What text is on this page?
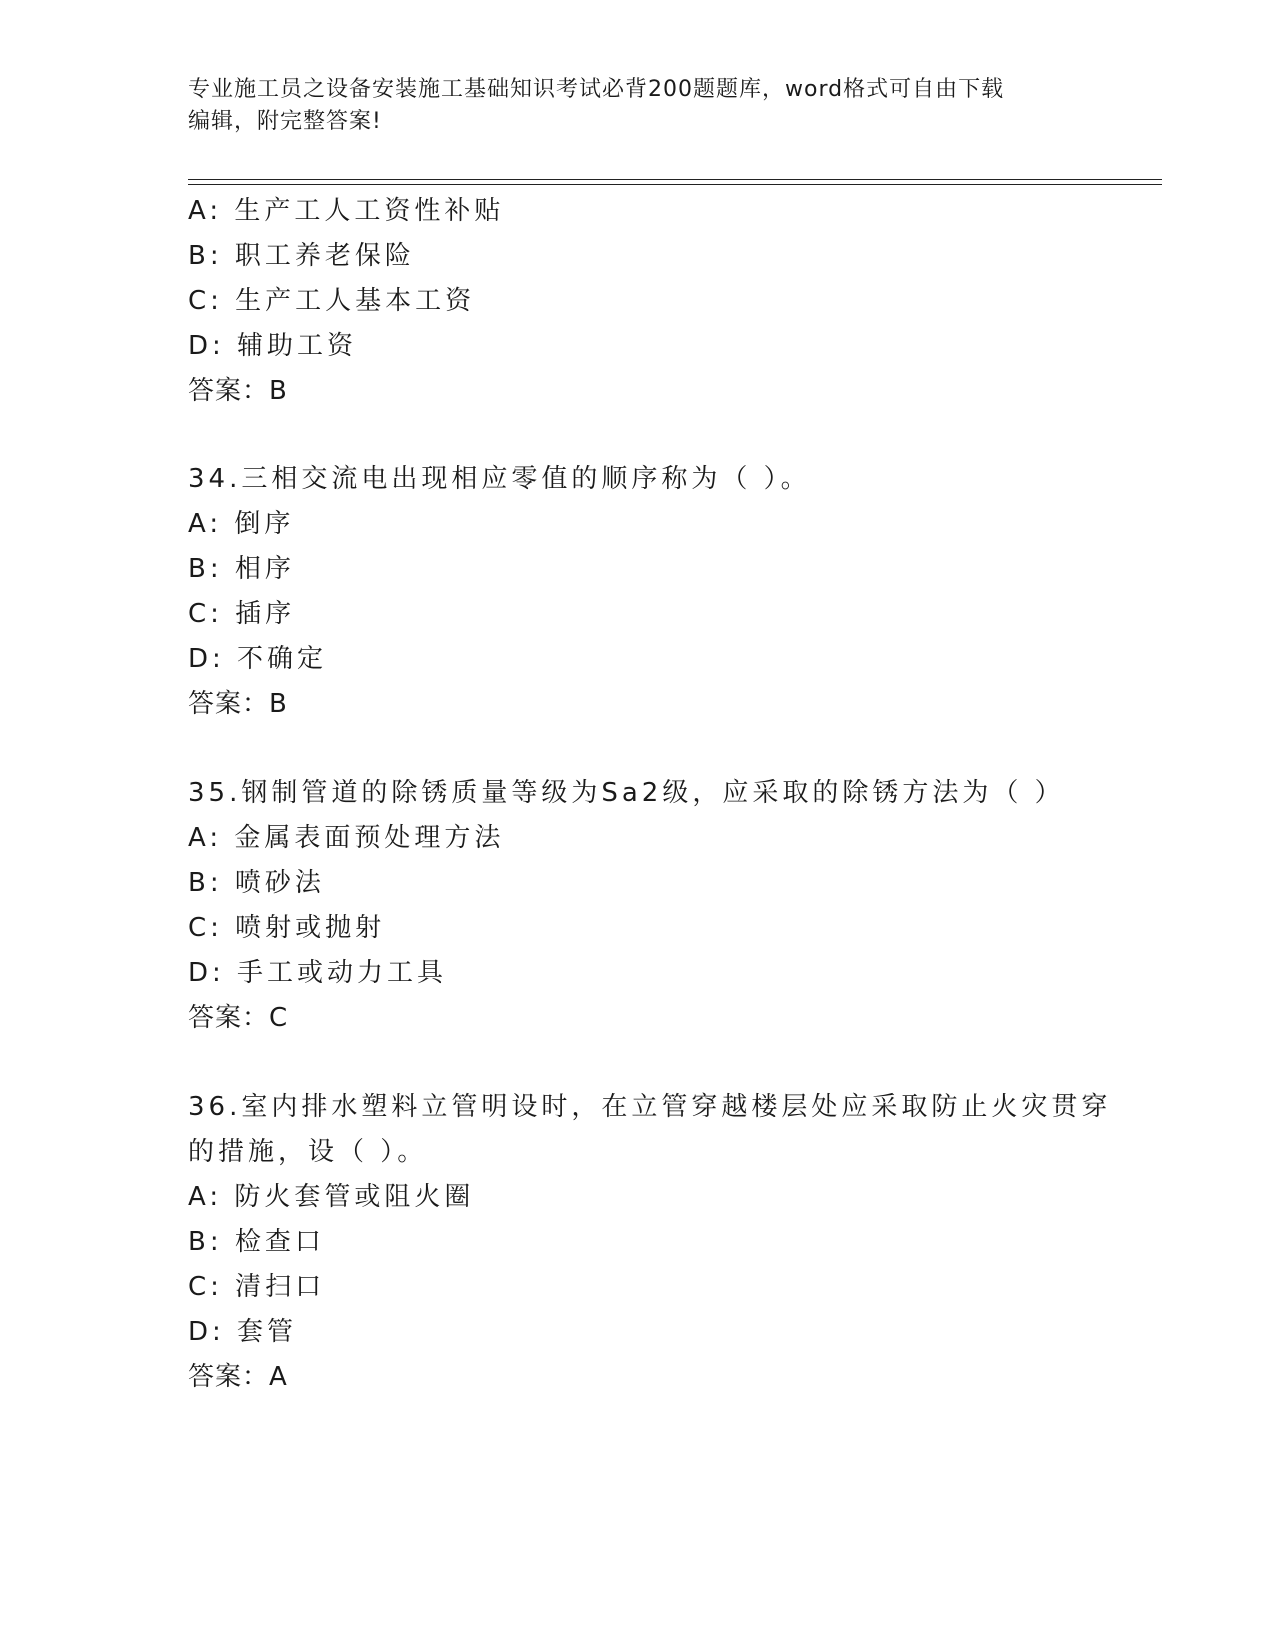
专业施工员之设备安装施工基础知识考试必背200题题库，word格式可自由下载
编辑，附完整答案!
A: 生产工人工资性补贴
B: 职工养老保险
C: 生产工人基本工资
D: 辅助工资
答案：B
34.三相交流电出现相应零值的顺序称为（ ）。
A: 倒序
B: 相序
C: 插序
D: 不确定
答案：B
35.钢制管道的除锈质量等级为Sa2级，应采取的除锈方法为（ ）
A: 金属表面预处理方法
B: 喷砂法
C: 喷射或抛射
D: 手工或动力工具
答案：C
36.室内排水塑料立管明设时，在立管穿越楼层处应采取防止火灾贯穿
的措施，设（ ）。
A: 防火套管或阻火圈
B: 检查口
C: 清扫口
D: 套管
答案：A
